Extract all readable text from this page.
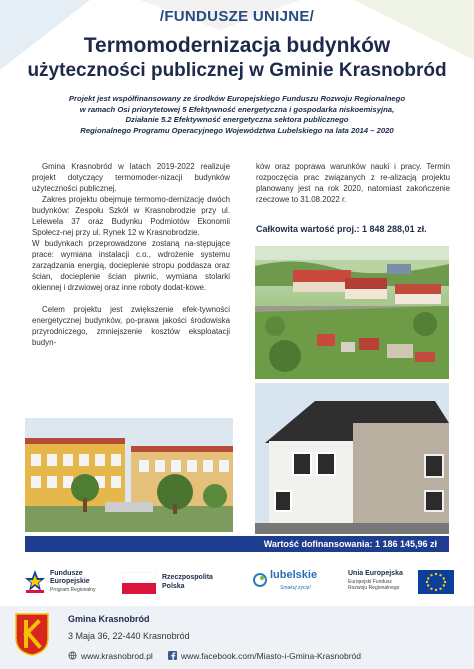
/FUNDUSZE UNIJNE/
Termomodernizacja budynków
użyteczności publicznej w Gminie Krasnobród
Projekt jest współfinansowany ze środków Europejskiego Funduszu Rozwoju Regionalnego
w ramach Osi priorytetowej 5 Efektywność energetyczna i gospodarka niskoemisyjna,
Działanie 5.2 Efektywność energetyczna sektora publicznego
Regionalnego Programu Operacyjnego Województwa Lubelskiego na lata 2014 – 2020

Gmina Krasnobród w latach 2019-2022 realizuje projekt dotyczący termomoder-nizacji budynków użyteczności publicznej.

Zakres projektu obejmuje termomo-dernizację dwóch budynków: Zespołu Szkół w Krasnobrodzie przy ul. Lelewela 37 oraz Budynku Podmiotów Ekonomii Społecz-nej przy ul. Rynek 12 w Krasnobrodzie.

W budynkach przeprowadzone zostaną na-stępujące prace: wymiana instalacji c.o., wdrożenie systemu zarządzania energią, docieplenie stropu poddasza oraz ścian, docieplenie ścian piwnic, wymiana stolarki okiennej i drzwiowej oraz inne roboty dodat-kowe.

Celem projektu jest zwiększenie efek-tywności energetycznej budynków, po-prawa jakości środowiska przyrodniczego, zmniejszenie kosztów eksploatacji budyn-

ków oraz poprawa warunków nauki i pracy. Termin rozpoczęcia prac związanych z re-alizacją projektu planowany jest na rok 2020, natomiast zakończenie rzeczowe to 31.08.2022 r.
Całkowita wartość proj.: 1 848 288,01 zł.
Wartość dofinansowania: 1 186 145,96 zł
Fundusze
Europejskie
Program Regionalny
Rzeczpospolita
Polska
lubelskie
Smakuj życie!
Unia Europejska
Europejski Fundusz
Rozwoju Regionalnego
Gmina Krasnobród
3 Maja 36, 22-440 Krasnobród
www.krasnobrod.pl	www.facebook.com/Miasto-i-Gmina-Krasnobród
